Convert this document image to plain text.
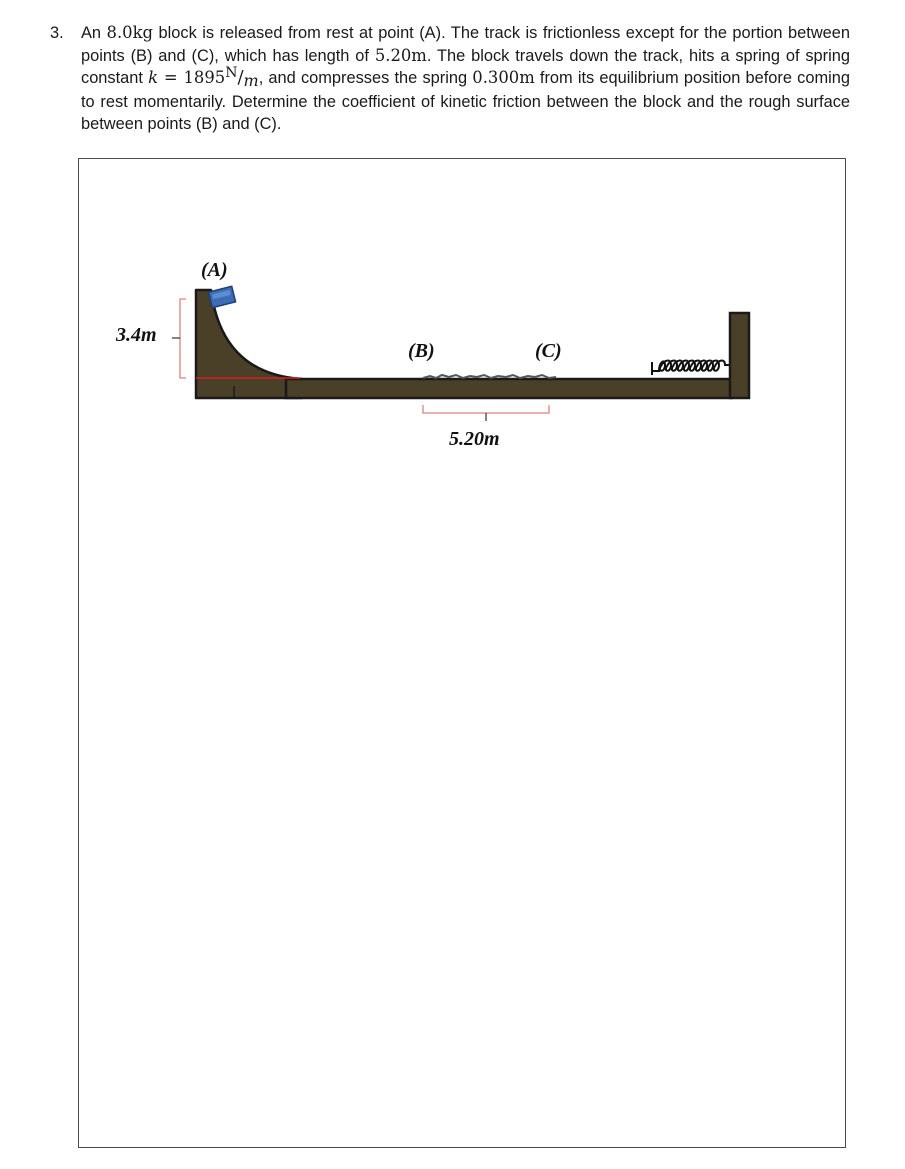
3. An 8.0kg block is released from rest at point (A). The track is frictionless except for the portion between points (B) and (C), which has length of 5.20m. The block travels down the track, hits a spring of spring constant k = 1895N/m, and compresses the spring 0.300m from its equilibrium position before coming to rest momentarily. Determine the coefficient of kinetic friction between the block and the rough surface between points (B) and (C).
(A)
3.4m
(B)	(C)
5.20m
